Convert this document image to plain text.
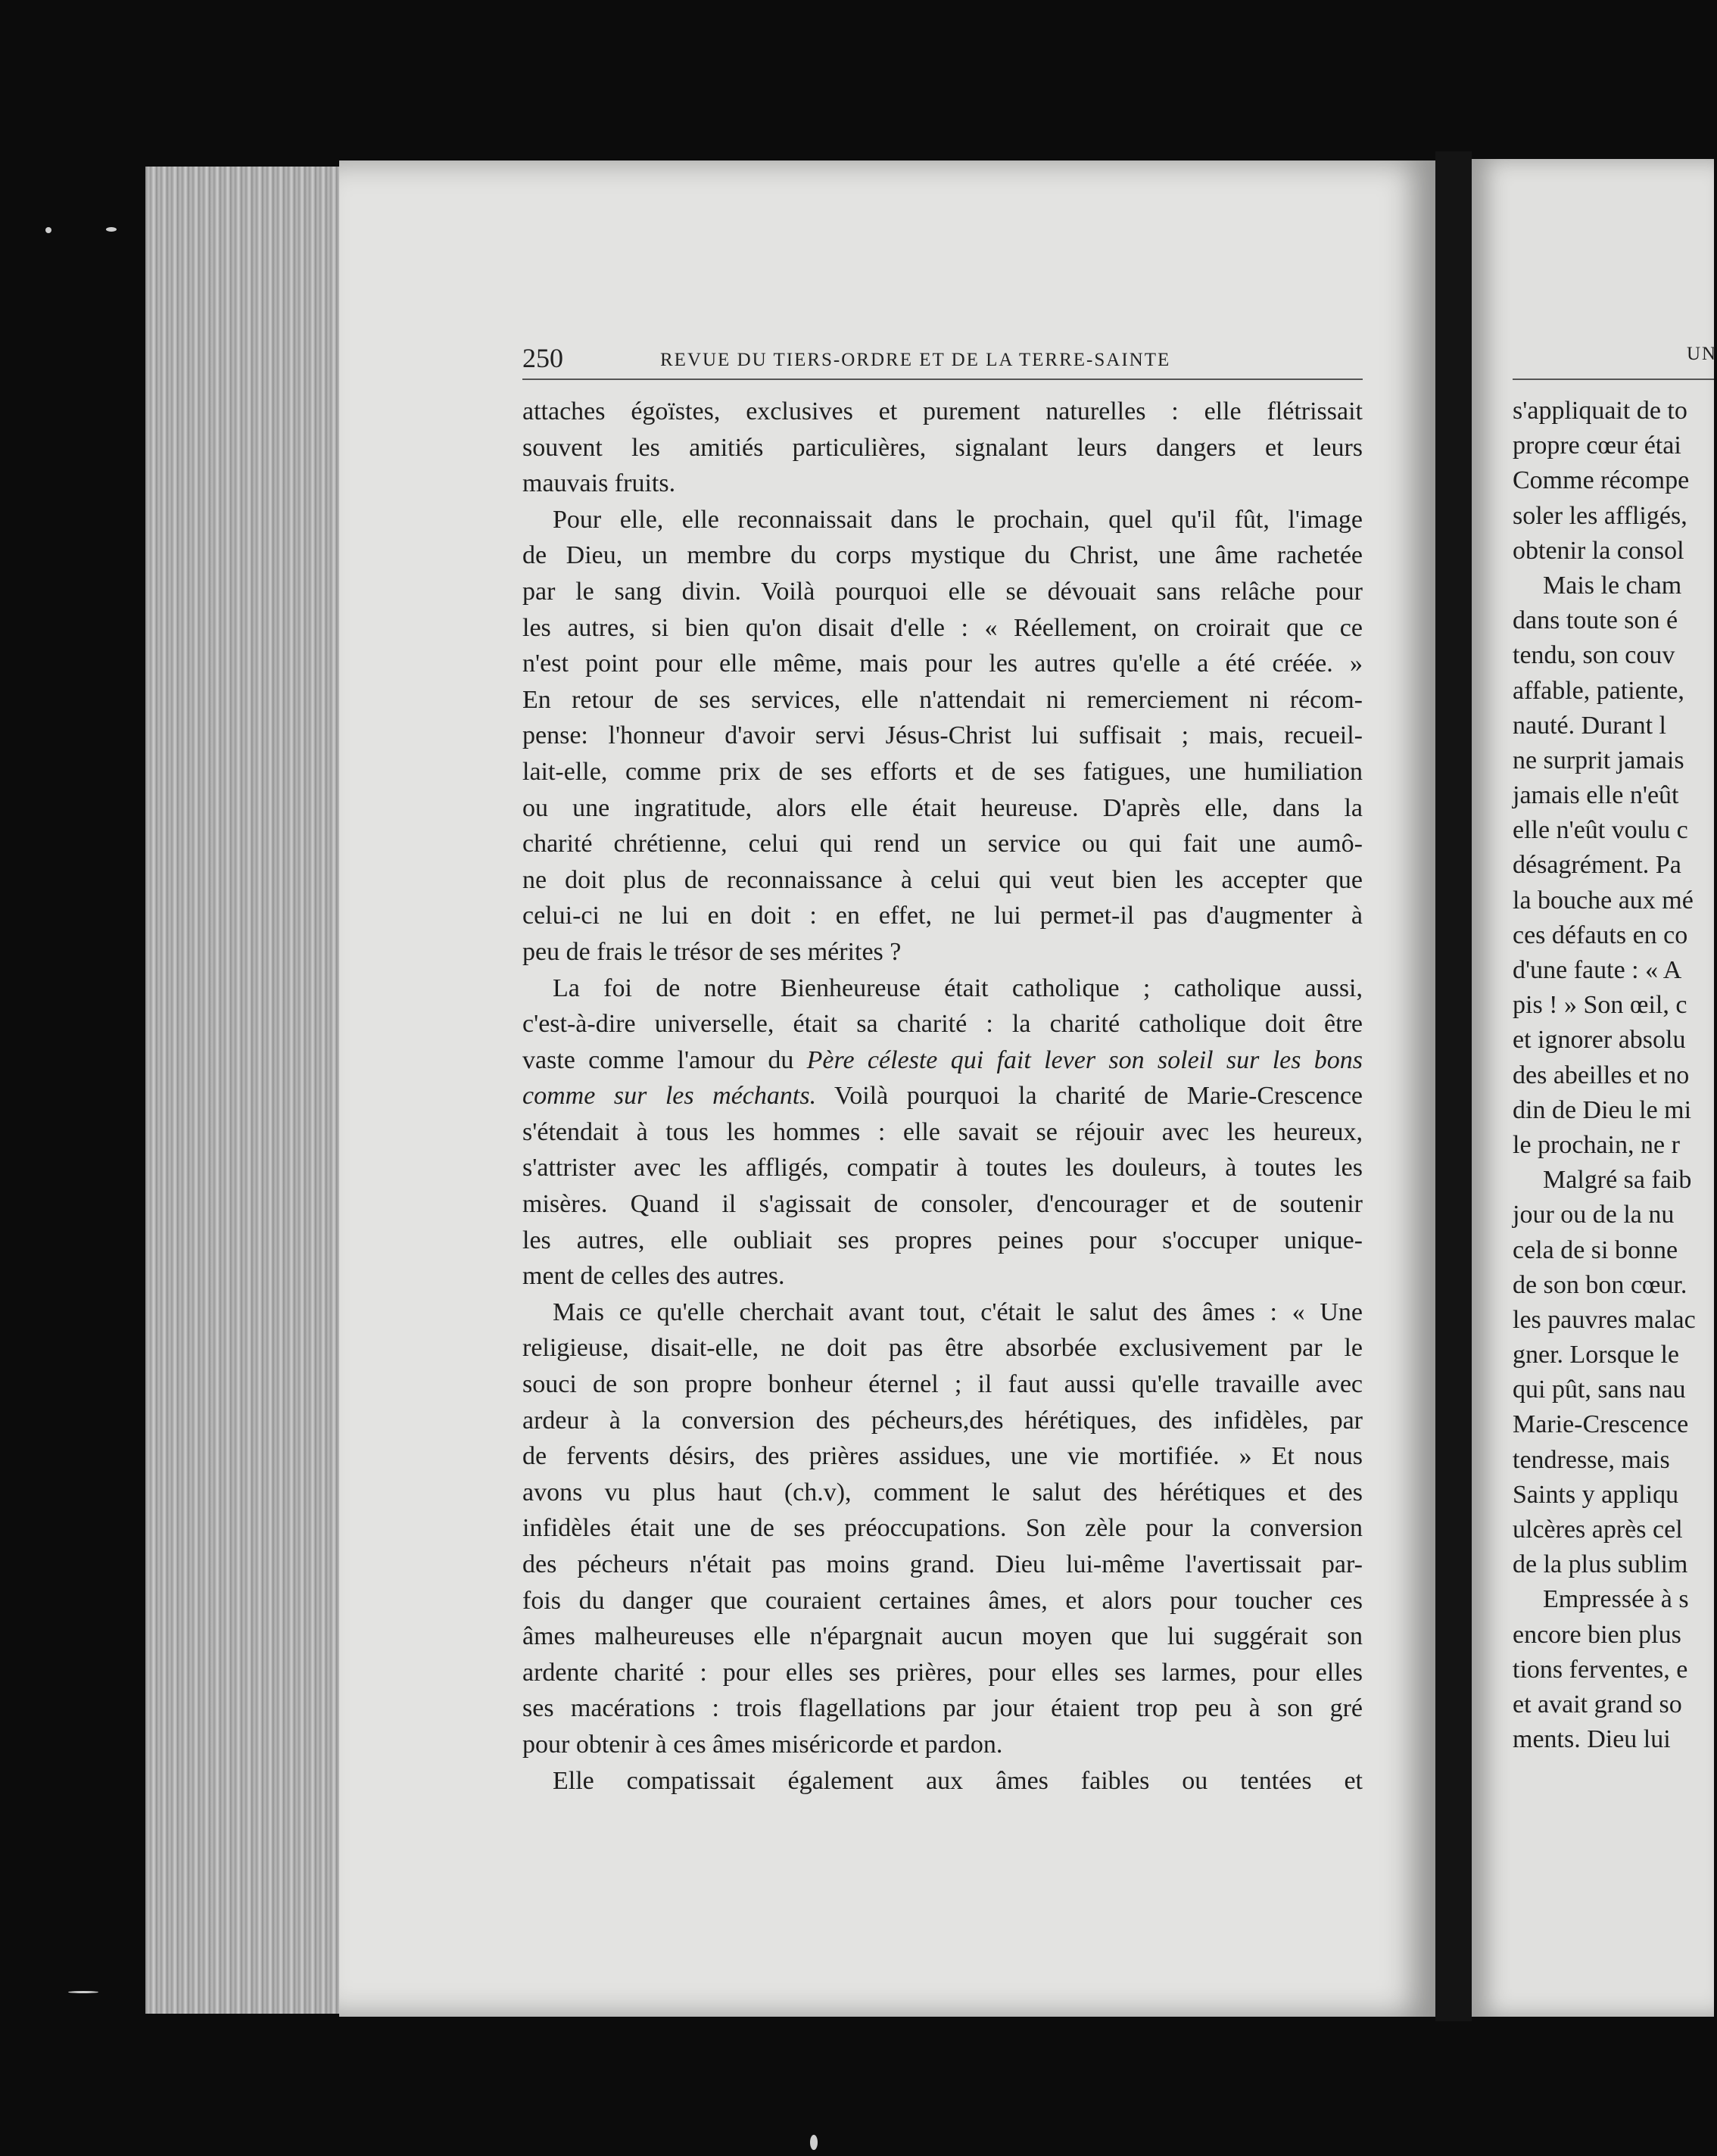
250	REVUE DU TIERS-ORDRE ET DE LA TERRE-SAINTE
attaches égoïstes, exclusives et purement naturelles : elle flétrissait
souvent les amitiés particulières, signalant leurs dangers et leurs
mauvais fruits.
Pour elle, elle reconnaissait dans le prochain, quel qu'il fût, l'image
de Dieu, un membre du corps mystique du Christ, une âme rachetée
par le sang divin. Voilà pourquoi elle se dévouait sans relâche pour
les autres, si bien qu'on disait d'elle : « Réellement, on croirait que ce
n'est point pour elle même, mais pour les autres qu'elle a été créée. »
En retour de ses services, elle n'attendait ni remerciement ni récom-
pense: l'honneur d'avoir servi Jésus-Christ lui suffisait ; mais, recueil-
lait-elle, comme prix de ses efforts et de ses fatigues, une humiliation
ou une ingratitude, alors elle était heureuse. D'après elle, dans la
charité chrétienne, celui qui rend un service ou qui fait une aumô-
ne doit plus de reconnaissance à celui qui veut bien les accepter que
celui-ci ne lui en doit : en effet, ne lui permet-il pas d'augmenter à
peu de frais le trésor de ses mérites ?
La foi de notre Bienheureuse était catholique ; catholique aussi,
c'est-à-dire universelle, était sa charité : la charité catholique doit être
vaste comme l'amour du Père céleste qui fait lever son soleil sur les bons
comme sur les méchants. Voilà pourquoi la charité de Marie-Crescence
s'étendait à tous les hommes : elle savait se réjouir avec les heureux,
s'attrister avec les affligés, compatir à toutes les douleurs, à toutes les
misères. Quand il s'agissait de consoler, d'encourager et de soutenir
les autres, elle oubliait ses propres peines pour s'occuper unique-
ment de celles des autres.
Mais ce qu'elle cherchait avant tout, c'était le salut des âmes : « Une
religieuse, disait-elle, ne doit pas être absorbée exclusivement par le
souci de son propre bonheur éternel ; il faut aussi qu'elle travaille avec
ardeur à la conversion des pécheurs,des hérétiques, des infidèles, par
de fervents désirs, des prières assidues, une vie mortifiée. » Et nous
avons vu plus haut (ch.v), comment le salut des hérétiques et des
infidèles était une de ses préoccupations. Son zèle pour la conversion
des pécheurs n'était pas moins grand. Dieu lui-même l'avertissait par-
fois du danger que couraient certaines âmes, et alors pour toucher ces
âmes malheureuses elle n'épargnait aucun moyen que lui suggérait son
ardente charité : pour elles ses prières, pour elles ses larmes, pour elles
ses macérations : trois flagellations par jour étaient trop peu à son gré
pour obtenir à ces âmes miséricorde et pardon.
Elle compatissait également aux âmes faibles ou tentées et
UN
s'appliquait de to
propre cœur étai
Comme récompe
soler les affligés,
obtenir la consol
Mais le cham
dans toute son é
tendu, son couv
affable, patiente,
nauté. Durant l
ne surprit jamais
jamais elle n'eût
elle n'eût voulu c
désagrément. Pa
la bouche aux mé
ces défauts en co
d'une faute : « A
pis ! » Son œil, c
et ignorer absolu
des abeilles et no
din de Dieu le mi
le prochain, ne r
Malgré sa faib
jour ou de la nu
cela de si bonne
de son bon cœur.
les pauvres malac
gner. Lorsque le
qui pût, sans nau
Marie-Crescence
tendresse, mais
Saints y appliqu
ulcères après cel
de la plus sublim
Empressée à s
encore bien plus
tions ferventes, e
et avait grand so
ments. Dieu lui
